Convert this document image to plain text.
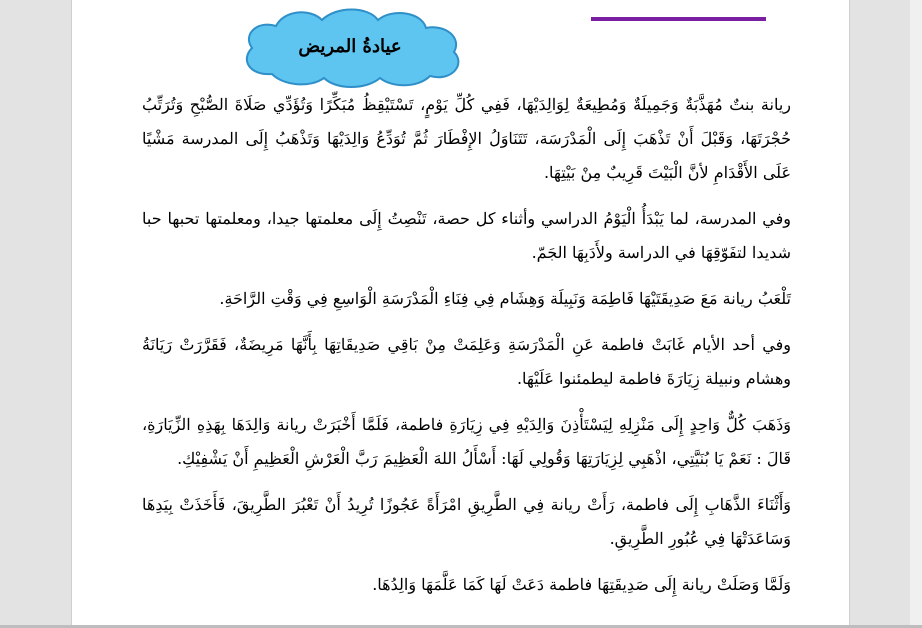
عيادةُ المريض

ريانة بنتٌ مُهَذَّبَةٌ وَجَمِيلَةٌ وَمُطِيعَةٌ لِوَالِدَيْهَا، فَفِي كُلِّ يَوْمٍ، تَسْتَيْقِظُ مُبَكِّرًا وَتُؤَدِّي صَلَاةَ الصُّبْحِ وَتُرَتِّبُ حُجْرَتَهَا، وَقَبْلَ أَنْ تَذْهَبَ إِلَى الْمَدْرَسَة، تَتَنَاوَلُ الإِفْطَارَ ثُمَّ تُوَدِّعُ وَالِدَيْهَا وَتَذْهَبُ إِلَى المدرسة مَشْيًا عَلَى الأَقْدَامِ لأنَّ الْبَيْتَ قَرِيبٌ مِنْ بَيْتِهَا.

وفي المدرسة، لما يَبْدَأُ الْيَوْمُ الدراسي وأثناء كل حصة، تَنْصِتُ إِلَى معلمتها جيدا، ومعلمتها تحبها حبا شديدا لتفَوّقِهَا في الدراسة ولأَدَبِهَا الجَمّ.

تَلْعَبُ ريانة مَعَ صَدِيقَتَيْهَا فَاطِمَة وَنَبِيلَة وَهِشَام فِي فِنَاءِ الْمَدْرَسَةِ الْوَاسِعِ فِي وَقْتِ الرَّاحَةِ.

وفي أحد الأيام غَابَتْ فاطمة عَنِ الْمَدْرَسَةِ وَعَلِمَتْ مِنْ بَاقِي صَدِيقَاتِهَا بِأَنَّهَا مَرِيضَةٌ، فَقَرَّرَتْ رَيَانَةُ وهشام ونبيلة زِيَارَةَ فاطمة ليطمئنوا عَلَيْهَا.

وَذَهَبَ كُلٌّ وَاحِدٍ إِلَى مَنْزِلِهِ لِيَسْتَأْذِنَ وَالِدَيْهِ فِي زِيَارَةِ فاطمة، فَلَمَّا أَخْبَرَتْ ريانة وَالِدَهَا بِهَذِهِ الزِّيَارَةِ، قَالَ : نَعَمْ يَا بُنَيَّتِي، اذْهَبِي لِزِيَارَتِهَا وَقُولِي لَهَا: أَسْأَلُ اللهَ الْعَظِيمَ رَبَّ الْعَرْشِ الْعَظِيمِ أَنْ يَشْفِيْكِ.

وَأَثْنَاءَ الذَّهَابِ إِلَى فاطمة، رَأَتْ ريانة فِي الطَّرِيقِ امْرَأَةً عَجُوزًا تُرِيدُ أَنْ تَعْبُرَ الطَّرِيقَ، فَأَخَذَتْ بِيَدِهَا وَسَاعَدَتْهَا فِي عُبُورِ الطَّرِيقِ.

وَلَمَّا وَصَلَتْ ريانة إِلَى صَدِيقَتِهَا فاطمة دَعَتْ لَهَا كَمَا عَلَّمَهَا وَالِدُهَا.
